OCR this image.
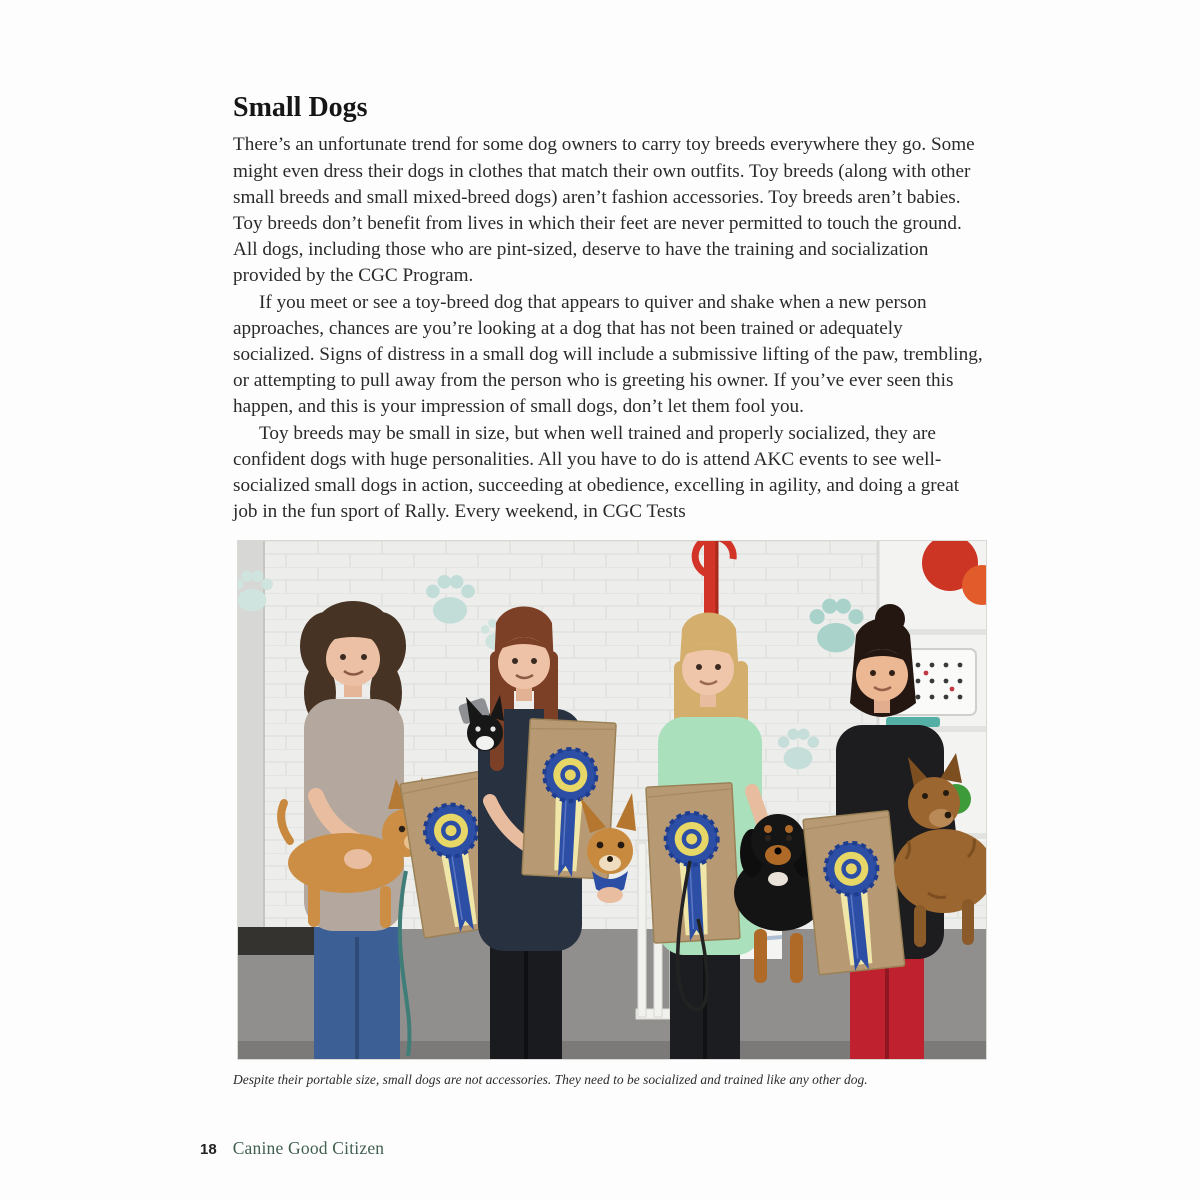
Small Dogs

There’s an unfortunate trend for some dog owners to carry toy breeds everywhere they go. Some might even dress their dogs in clothes that match their own outfits. Toy breeds (along with other small breeds and small mixed-breed dogs) aren’t fashion accessories. Toy breeds aren’t babies. Toy breeds don’t benefit from lives in which their feet are never permitted to touch the ground. All dogs, including those who are pint-sized, deserve to have the training and socialization provided by the CGC Program.

If you meet or see a toy-breed dog that appears to quiver and shake when a new person approaches, chances are you’re looking at a dog that has not been trained or adequately socialized. Signs of distress in a small dog will include a submissive lifting of the paw, trembling, or attempting to pull away from the person who is greeting his owner. If you’ve ever seen this happen, and this is your impression of small dogs, don’t let them fool you.

Toy breeds may be small in size, but when well trained and properly socialized, they are confident dogs with huge personalities. All you have to do is attend AKC events to see well-socialized small dogs in action, succeeding at obedience, excelling in agility, and doing a great job in the fun sport of Rally. Every weekend, in CGC Tests

Despite their portable size, small dogs are not accessories. They need to be socialized and trained like any other dog.
18 Canine Good Citizen
